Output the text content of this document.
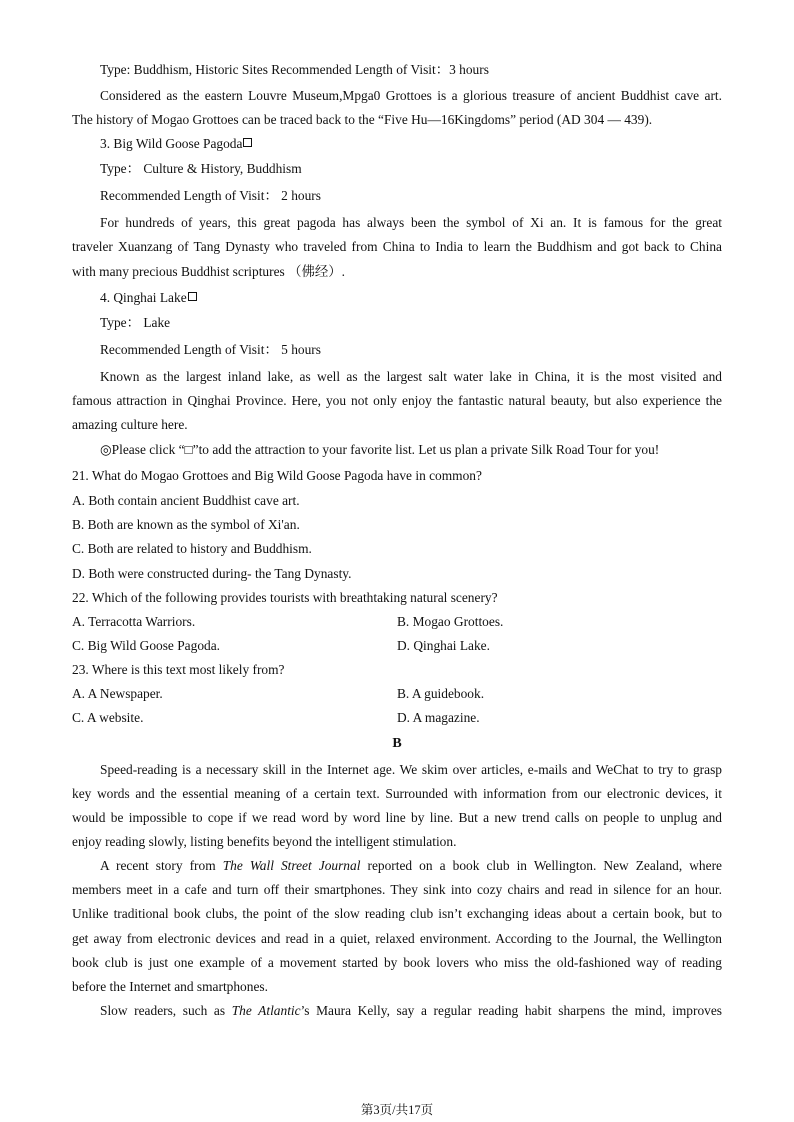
Type: Buddhism, Historic Sites Recommended Length of Visit：3 hours
Considered as the eastern Louvre Museum,Mpga0 Grottoes is a glorious treasure of ancient Buddhist cave art.
The history of Mogao Grottoes can be traced back to the “Five Hu—16Kingdoms” period (AD 304 — 439).
3. Big Wild Goose Pagoda
Type： Culture & History, Buddhism
Recommended Length of Visit： 2 hours
For hundreds of years, this great pagoda has always been the symbol of Xi an. It is famous for the great
traveler Xuanzang of Tang Dynasty who traveled from China to India to learn the Buddhism and got back to China
with many precious Buddhist scriptures （佛经）.
4. Qinghai Lake
Type： Lake
Recommended Length of Visit： 5 hours
Known as the largest inland lake, as well as the largest salt water lake in China, it is the most visited and
famous attraction in Qinghai Province. Here, you not only enjoy the fantastic natural beauty, but also experience the
amazing culture here.
◎Please click “□”to add the attraction to your favorite list. Let us plan a private Silk Road Tour for you!
21. What do Mogao Grottoes and Big Wild Goose Pagoda have in common?
A. Both contain ancient Buddhist cave art.
B. Both are known as the symbol of Xi'an.
C. Both are related to history and Buddhism.
D. Both were constructed during- the Tang Dynasty.
22. Which of the following provides tourists with breathtaking natural scenery?
A. Terracotta Warriors.	B. Mogao Grottoes.
C. Big Wild Goose Pagoda.	D. Qinghai Lake.
23. Where is this text most likely from?
A. A Newspaper.	B. A guidebook.
C. A website.	D. A magazine.
B
Speed-reading is a necessary skill in the Internet age. We skim over articles, e-mails and WeChat to try to grasp
key words and the essential meaning of a certain text. Surrounded with information from our electronic devices, it
would be impossible to cope if we read word by word line by line. But a new trend calls on people to unplug and
enjoy reading slowly, listing benefits beyond the intelligent stimulation.
A recent story from The Wall Street Journal reported on a book club in Wellington. New Zealand, where
members meet in a cafe and turn off their smartphones. They sink into cozy chairs and read in silence for an hour.
Unlike traditional book clubs, the point of the slow reading club isn’t exchanging ideas about a certain book, but to
get away from electronic devices and read in a quiet, relaxed environment. According to the Journal, the Wellington
book club is just one example of a movement started by book lovers who miss the old-fashioned way of reading
before the Internet and smartphones.
Slow readers, such as The Atlantic’s Maura Kelly, say a regular reading habit sharpens the mind, improves
第3页/共17页
